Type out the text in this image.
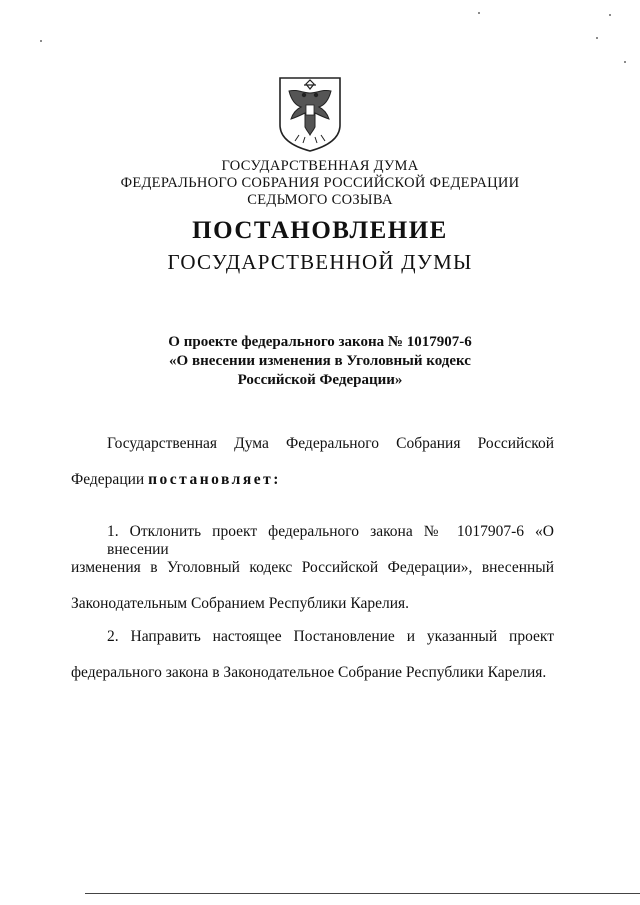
ГОСУДАРСТВЕННАЯ ДУМА
ФЕДЕРАЛЬНОГО СОБРАНИЯ РОССИЙСКОЙ ФЕДЕРАЦИИ
СЕДЬМОГО СОЗЫВА
ПОСТАНОВЛЕНИЕ
ГОСУДАРСТВЕННОЙ ДУМЫ
О проекте федерального закона № 1017907-6
«О внесении изменения в Уголовный кодекс
Российской Федерации»
Государственная Дума Федерального Собрания Российской
Федерации постановляет:
1. Отклонить проект федерального закона № 1017907-6 «О внесении
изменения в Уголовный кодекс Российской Федерации», внесенный
Законодательным Собранием Республики Карелия.
2. Направить настоящее Постановление и указанный проект
федерального закона в Законодательное Собрание Республики Карелия.
